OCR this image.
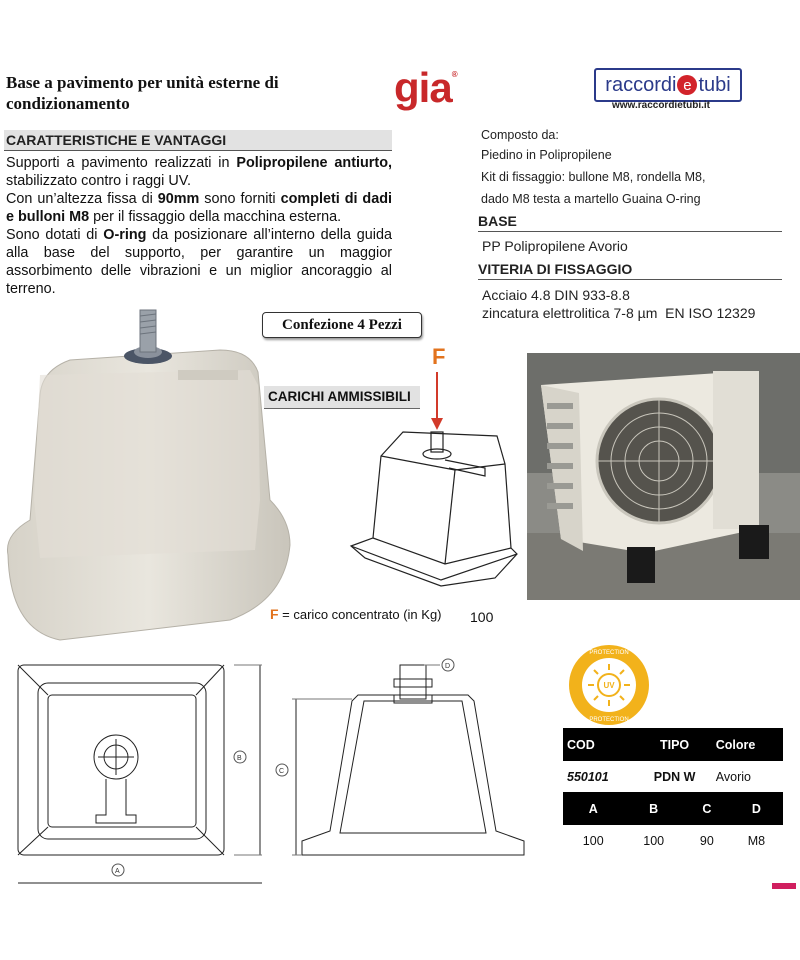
Base a pavimento per unità esterne di condizionamento	gia®	raccordi e tubi
www.raccordietubi.it
CARATTERISTICHE E VANTAGGI
Supporti a pavimento realizzati in Polipropilene antiurto, stabilizzato contro i raggi UV.
Con un’altezza fissa di 90mm sono forniti completi di dadi e bulloni M8 per il fissaggio della macchina esterna.
Sono dotati di O-ring da posizionare all’interno della guida alla base del supporto, per garantire un maggior assorbimento delle vibrazioni e un miglior ancoraggio al terreno.
Composto da:
Piedino in Polipropilene
Kit di fissaggio: bullone M8, rondella M8,
dado M8 testa a martello Guaina O-ring
BASE
PP Polipropilene Avorio
VITERIA DI FISSAGGIO
Acciaio 4.8 DIN 933-8.8
zincatura elettrolitica 7-8 µm EN ISO 12329
Confezione 4 Pezzi
CARICHI AMMISSIBILI
F
F = carico concentrato (in Kg) 100
B
A
C
D
UV
PROTECTION
PROTECTION
COD	TIPO	Colore
550101	PDN W	Avorio
A	B	C	D
100	100	90	M8
